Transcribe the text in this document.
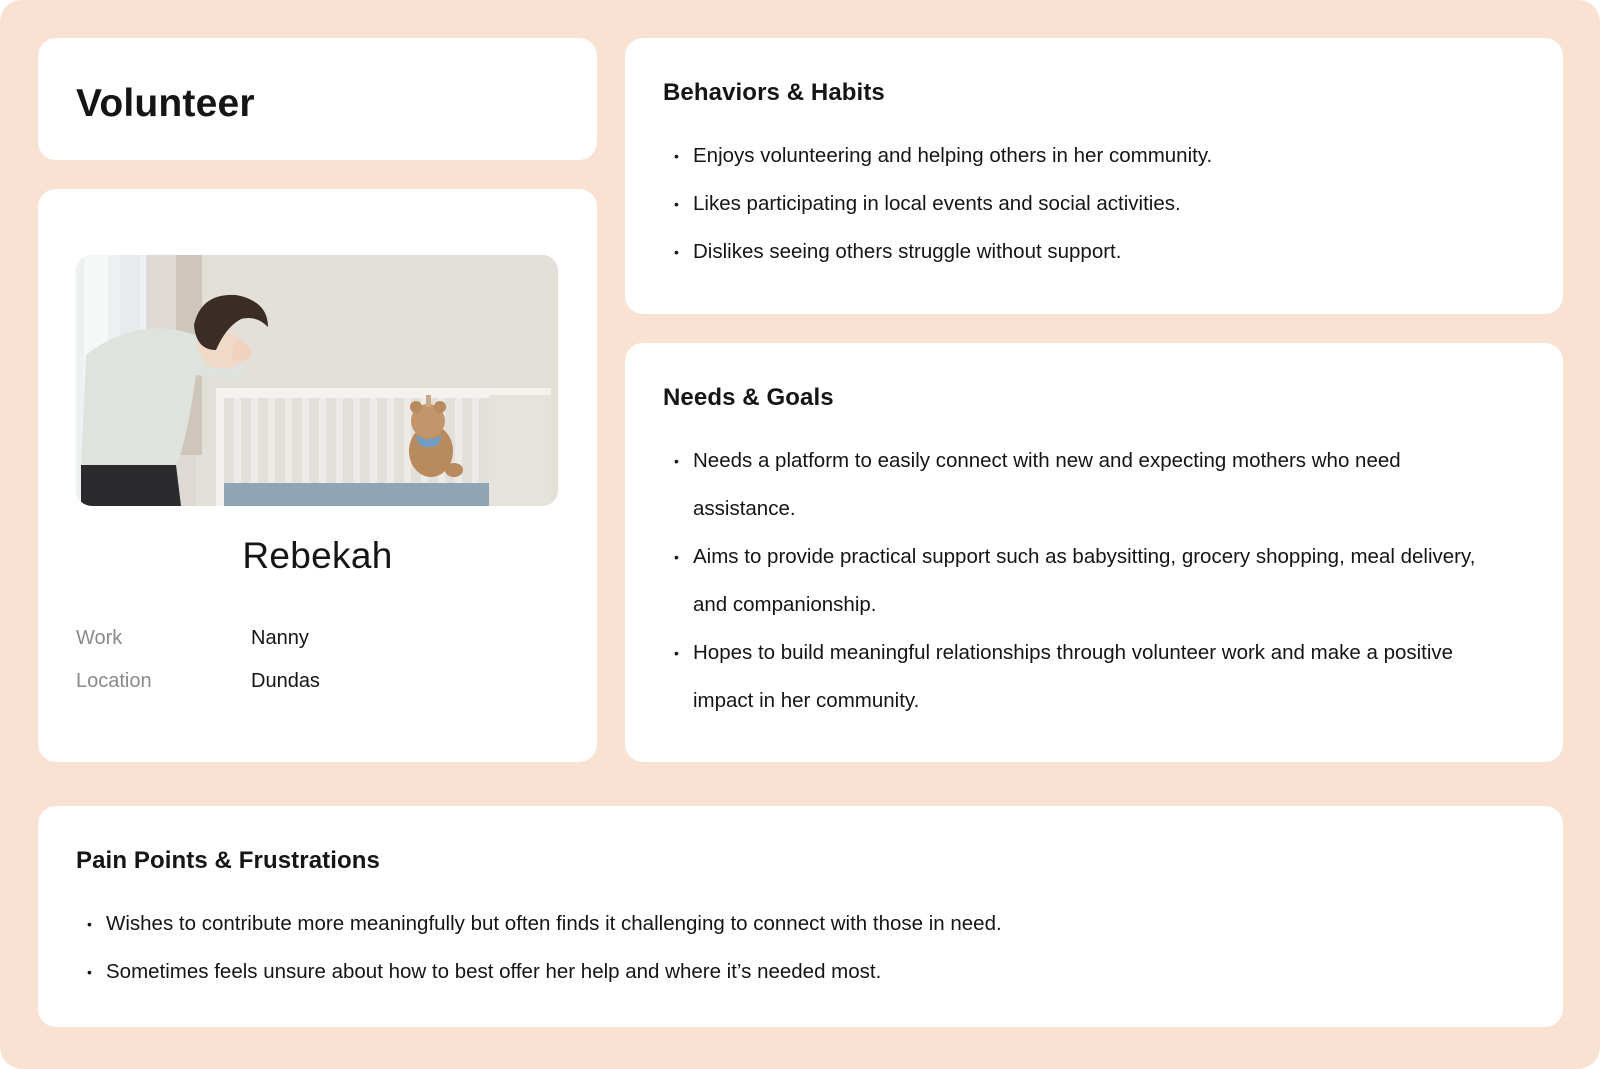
Volunteer
Rebekah
Work	Nanny
Location	Dundas
Behaviors & Habits
• Enjoys volunteering and helping others in her community.
• Likes participating in local events and social activities.
• Dislikes seeing others struggle without support.
Needs & Goals
• Needs a platform to easily connect with new and expecting mothers who need assistance.
• Aims to provide practical support such as babysitting, grocery shopping, meal delivery, and companionship.
• Hopes to build meaningful relationships through volunteer work and make a positive impact in her community.
Pain Points & Frustrations
• Wishes to contribute more meaningfully but often finds it challenging to connect with those in need.
• Sometimes feels unsure about how to best offer her help and where it’s needed most.
